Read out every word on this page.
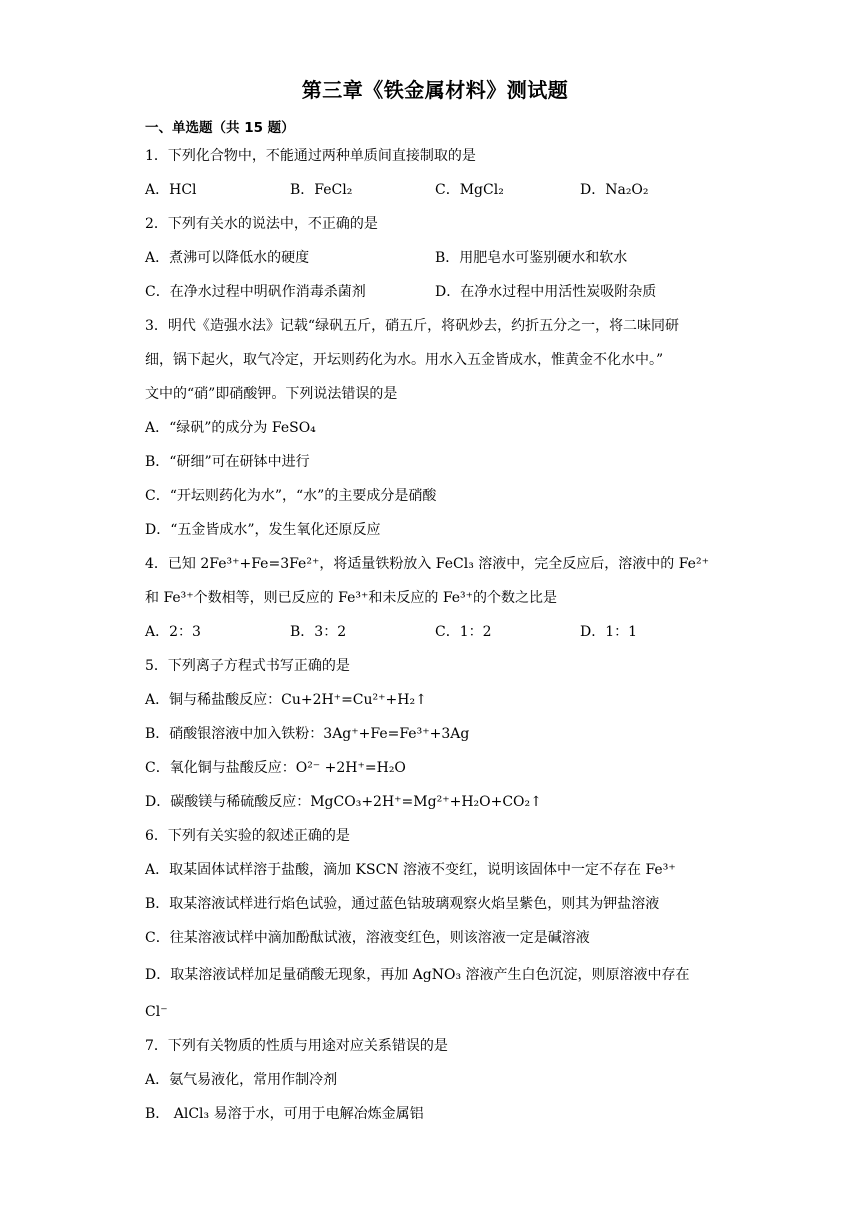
第三章《铁金属材料》测试题
一、单选题（共 15 题）
1．下列化合物中，不能通过两种单质间直接制取的是
A．HCl	B．FeCl₂	C．MgCl₂	D．Na₂O₂
2．下列有关水的说法中，不正确的是
A．煮沸可以降低水的硬度	B．用肥皂水可鉴别硬水和软水
C．在净水过程中明矾作消毒杀菌剂	D．在净水过程中用活性炭吸附杂质
3．明代《造强水法》记载“绿矾五斤，硝五斤，将矾炒去，约折五分之一，将二味同研
细，锅下起火，取气冷定，开坛则药化为水。用水入五金皆成水，惟黄金不化水中。”
文中的“硝”即硝酸钾。下列说法错误的是
A．“绿矾”的成分为 FeSO₄
B．“研细”可在研钵中进行
C．“开坛则药化为水”，“水”的主要成分是硝酸
D．“五金皆成水”，发生氧化还原反应
4．已知 2Fe³⁺+Fe=3Fe²⁺，将适量铁粉放入 FeCl₃ 溶液中，完全反应后，溶液中的 Fe²⁺
和 Fe³⁺个数相等，则已反应的 Fe³⁺和未反应的 Fe³⁺的个数之比是
A．2：3	B．3：2	C．1：2	D．1：1
5．下列离子方程式书写正确的是
A．铜与稀盐酸反应：Cu+2H⁺=Cu²⁺+H₂↑
B．硝酸银溶液中加入铁粉：3Ag⁺+Fe=Fe³⁺+3Ag
C．氧化铜与盐酸反应：O²⁻ +2H⁺=H₂O
D．碳酸镁与稀硫酸反应：MgCO₃+2H⁺=Mg²⁺+H₂O+CO₂↑
6．下列有关实验的叙述正确的是
A．取某固体试样溶于盐酸，滴加 KSCN 溶液不变红，说明该固体中一定不存在 Fe³⁺
B．取某溶液试样进行焰色试验，通过蓝色钴玻璃观察火焰呈紫色，则其为钾盐溶液
C．往某溶液试样中滴加酚酞试液，溶液变红色，则该溶液一定是碱溶液
D．取某溶液试样加足量硝酸无现象，再加 AgNO₃ 溶液产生白色沉淀，则原溶液中存在
Cl⁻
7．下列有关物质的性质与用途对应关系错误的是
A．氨气易液化，常用作制冷剂
B． AlCl₃ 易溶于水，可用于电解冶炼金属铝
